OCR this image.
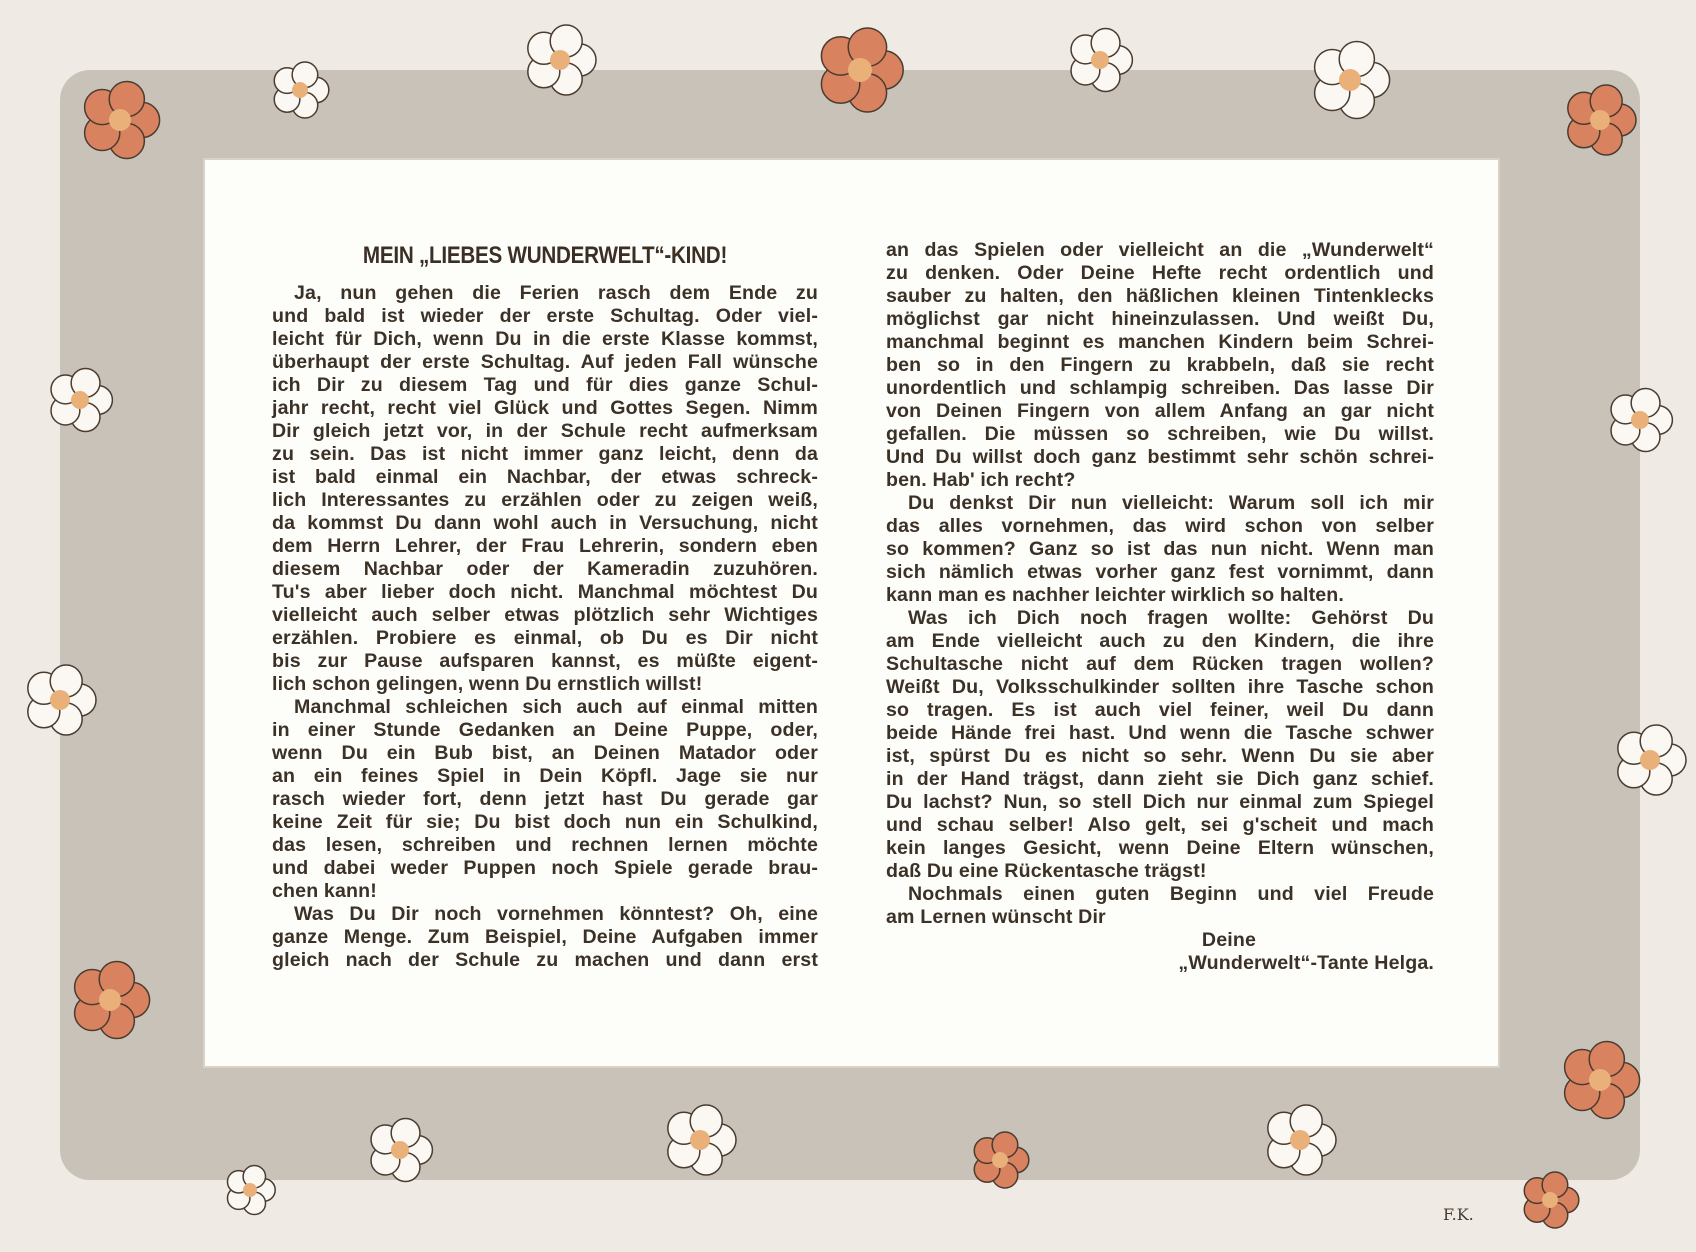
MEIN „LIEBES WUNDERWELT“-KIND!
Ja, nun gehen die Ferien rasch dem Ende zu
und bald ist wieder der erste Schultag. Oder viel-
leicht für Dich, wenn Du in die erste Klasse kommst,
überhaupt der erste Schultag. Auf jeden Fall wünsche
ich Dir zu diesem Tag und für dies ganze Schul-
jahr recht, recht viel Glück und Gottes Segen. Nimm
Dir gleich jetzt vor, in der Schule recht aufmerksam
zu sein. Das ist nicht immer ganz leicht, denn da
ist bald einmal ein Nachbar, der etwas schreck-
lich Interessantes zu erzählen oder zu zeigen weiß,
da kommst Du dann wohl auch in Versuchung, nicht
dem Herrn Lehrer, der Frau Lehrerin, sondern eben
diesem Nachbar oder der Kameradin zuzuhören.
Tu's aber lieber doch nicht. Manchmal möchtest Du
vielleicht auch selber etwas plötzlich sehr Wichtiges
erzählen. Probiere es einmal, ob Du es Dir nicht
bis zur Pause aufsparen kannst, es müßte eigent-
lich schon gelingen, wenn Du ernstlich willst!
Manchmal schleichen sich auch auf einmal mitten
in einer Stunde Gedanken an Deine Puppe, oder,
wenn Du ein Bub bist, an Deinen Matador oder
an ein feines Spiel in Dein Köpfl. Jage sie nur
rasch wieder fort, denn jetzt hast Du gerade gar
keine Zeit für sie; Du bist doch nun ein Schulkind,
das lesen, schreiben und rechnen lernen möchte
und dabei weder Puppen noch Spiele gerade brau-
chen kann!
Was Du Dir noch vornehmen könntest? Oh, eine
ganze Menge. Zum Beispiel, Deine Aufgaben immer
gleich nach der Schule zu machen und dann erst
an das Spielen oder vielleicht an die „Wunderwelt“
zu denken. Oder Deine Hefte recht ordentlich und
sauber zu halten, den häßlichen kleinen Tintenklecks
möglichst gar nicht hineinzulassen. Und weißt Du,
manchmal beginnt es manchen Kindern beim Schrei-
ben so in den Fingern zu krabbeln, daß sie recht
unordentlich und schlampig schreiben. Das lasse Dir
von Deinen Fingern von allem Anfang an gar nicht
gefallen. Die müssen so schreiben, wie Du willst.
Und Du willst doch ganz bestimmt sehr schön schrei-
ben. Hab' ich recht?
Du denkst Dir nun vielleicht: Warum soll ich mir
das alles vornehmen, das wird schon von selber
so kommen? Ganz so ist das nun nicht. Wenn man
sich nämlich etwas vorher ganz fest vornimmt, dann
kann man es nachher leichter wirklich so halten.
Was ich Dich noch fragen wollte: Gehörst Du
am Ende vielleicht auch zu den Kindern, die ihre
Schultasche nicht auf dem Rücken tragen wollen?
Weißt Du, Volksschulkinder sollten ihre Tasche schon
so tragen. Es ist auch viel feiner, weil Du dann
beide Hände frei hast. Und wenn die Tasche schwer
ist, spürst Du es nicht so sehr. Wenn Du sie aber
in der Hand trägst, dann zieht sie Dich ganz schief.
Du lachst? Nun, so stell Dich nur einmal zum Spiegel
und schau selber! Also gelt, sei g'scheit und mach
kein langes Gesicht, wenn Deine Eltern wünschen,
daß Du eine Rückentasche trägst!
Nochmals einen guten Beginn und viel Freude
am Lernen wünscht Dir
Deine
„Wunderwelt“-Tante Helga.
F.K.
